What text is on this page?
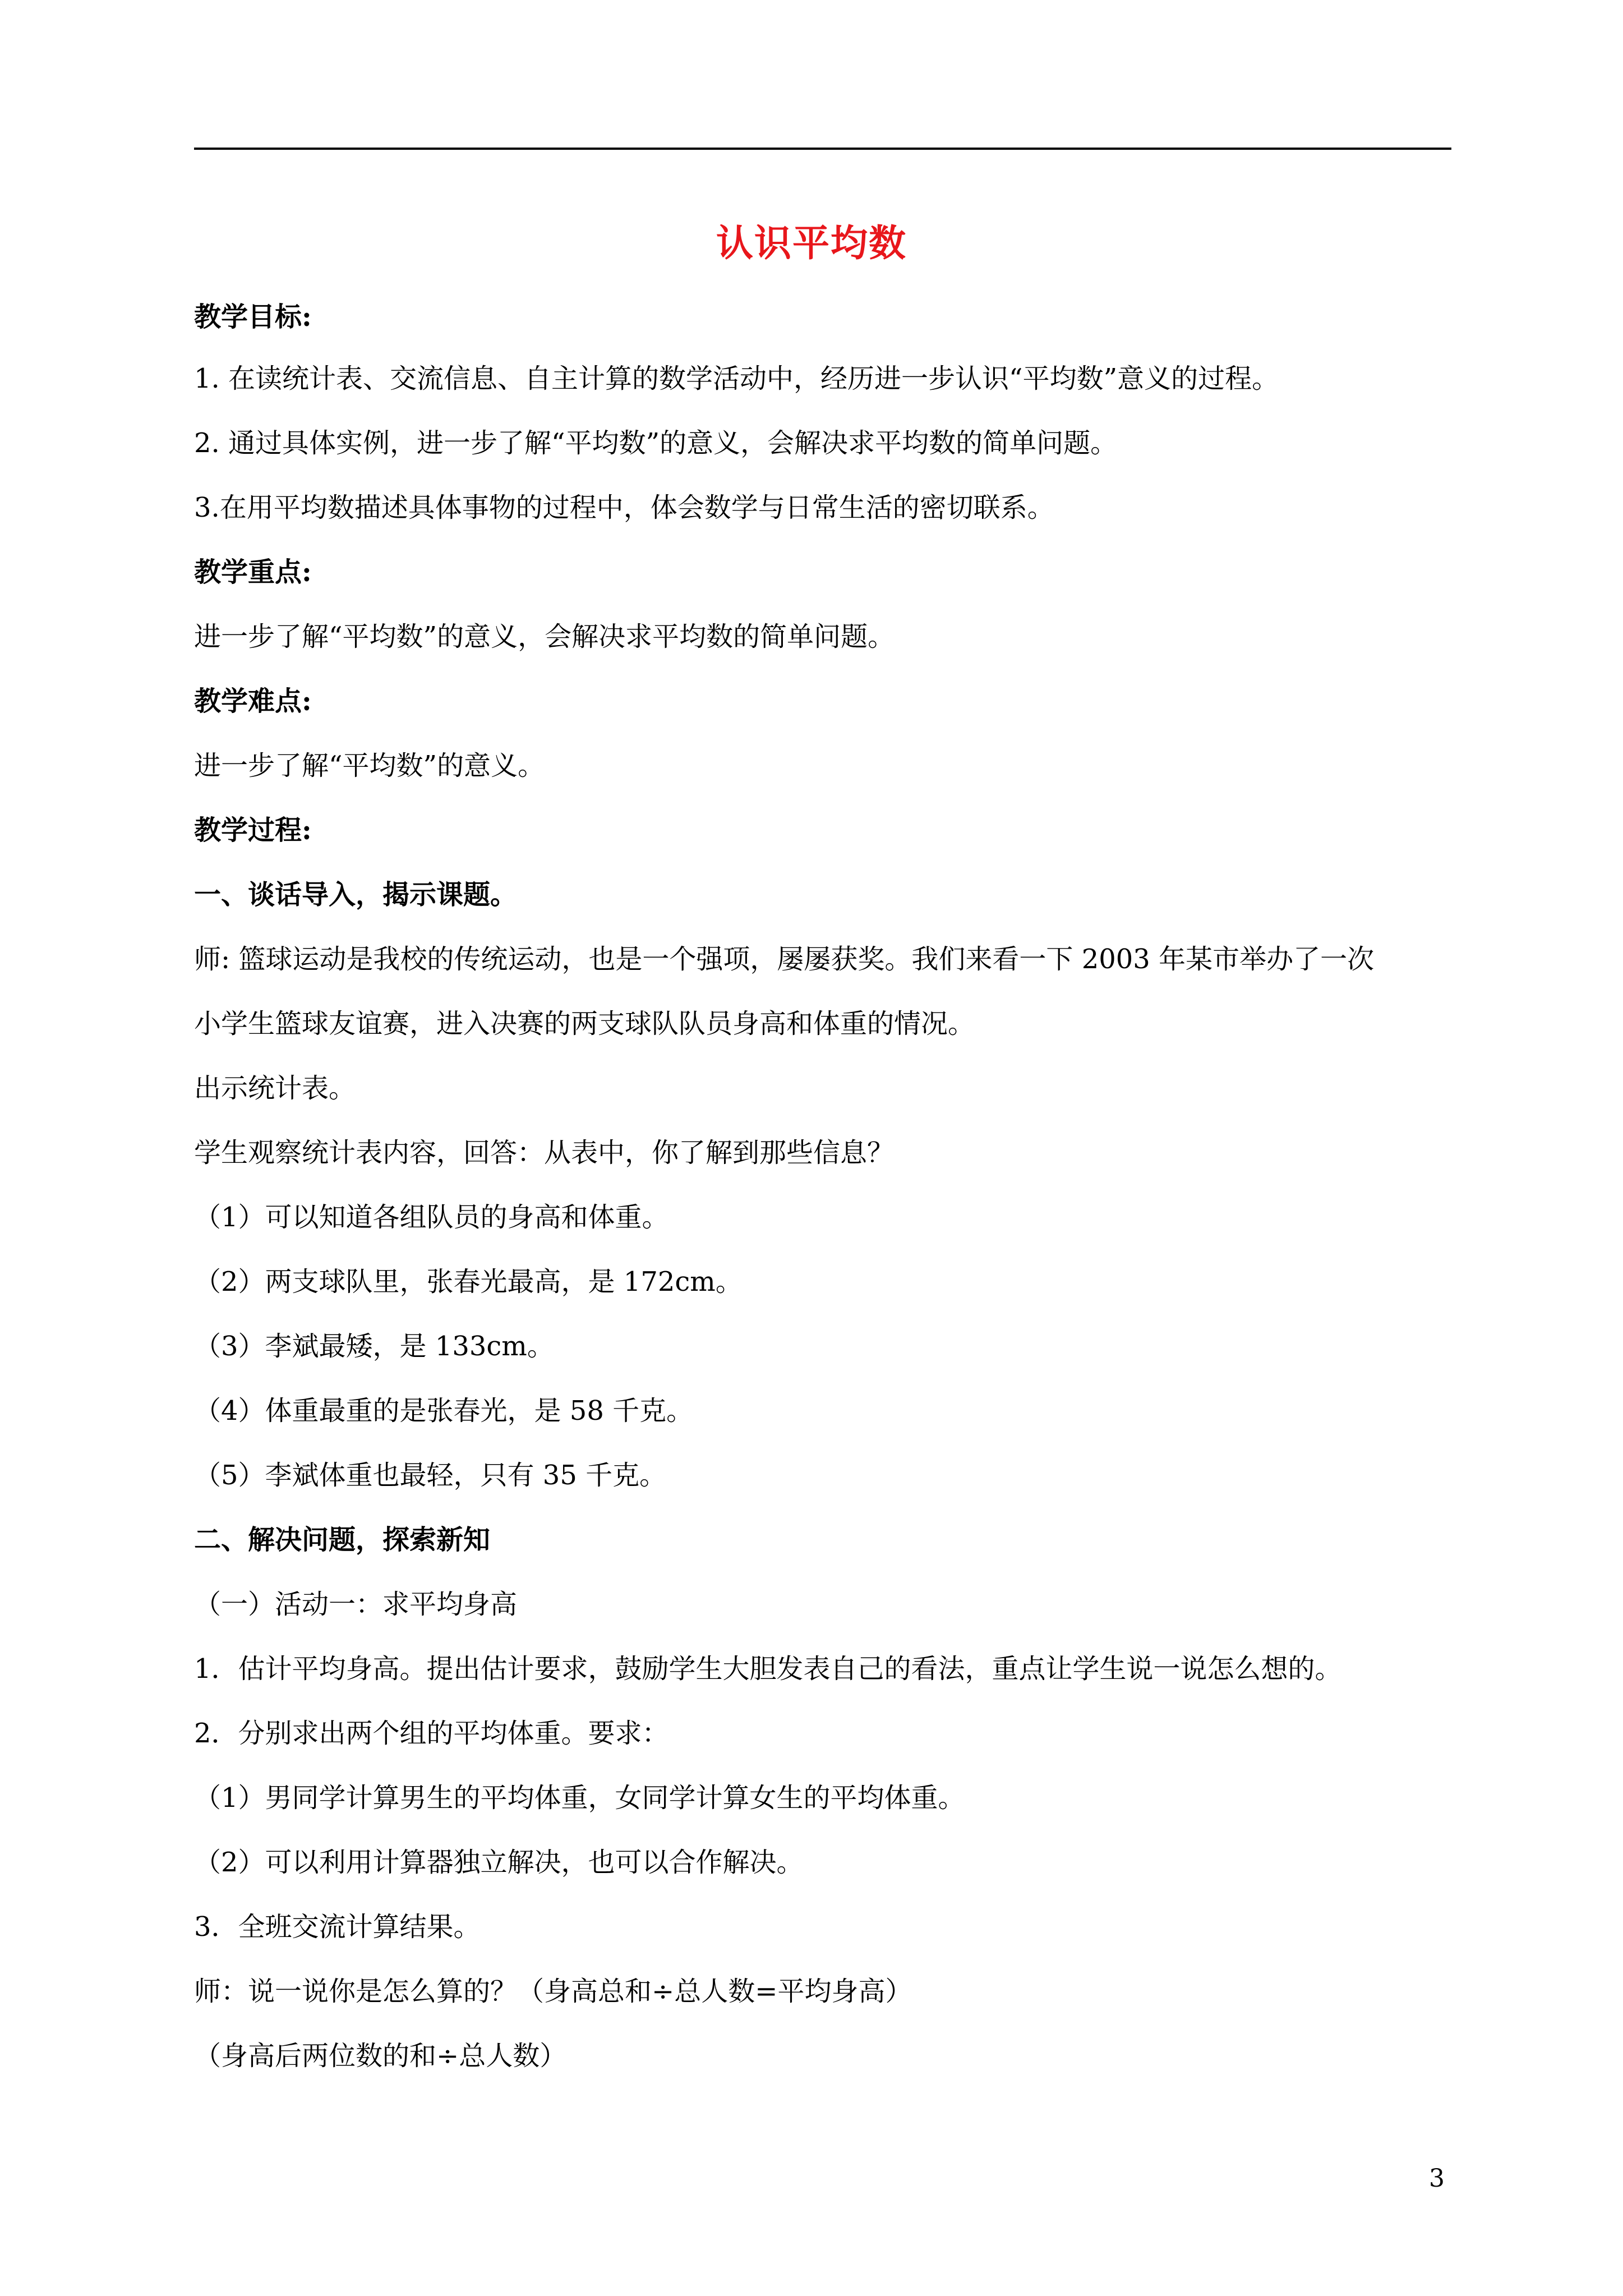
认识平均数
教学目标:
1. 在读统计表、交流信息、自主计算的数学活动中，经历进一步认识“平均数”意义的过程。
2. 通过具体实例，进一步了解“平均数”的意义，会解决求平均数的简单问题。
3.在用平均数描述具体事物的过程中，体会数学与日常生活的密切联系。
教学重点:
进一步了解“平均数”的意义，会解决求平均数的简单问题。
教学难点:
进一步了解“平均数”的意义。
教学过程:
一、谈话导入，揭示课题。
师: 篮球运动是我校的传统运动，也是一个强项，屡屡获奖。我们来看一下 2003 年某市举办了一次
小学生篮球友谊赛，进入决赛的两支球队队员身高和体重的情况。
出示统计表。
学生观察统计表内容，回答：从表中，你了解到那些信息？
（1）可以知道各组队员的身高和体重。
（2）两支球队里，张春光最高，是 172cm。
（3）李斌最矮，是 133cm。
（4）体重最重的是张春光，是 58 千克。
（5）李斌体重也最轻，只有 35 千克。
二、解决问题，探索新知
（一）活动一：求平均身高
1．估计平均身高。提出估计要求，鼓励学生大胆发表自己的看法，重点让学生说一说怎么想的。
2．分别求出两个组的平均体重。要求：
（1）男同学计算男生的平均体重，女同学计算女生的平均体重。
（2）可以利用计算器独立解决，也可以合作解决。
3．全班交流计算结果。
师：说一说你是怎么算的？（身高总和÷总人数=平均身高）
（身高后两位数的和÷总人数）
3
